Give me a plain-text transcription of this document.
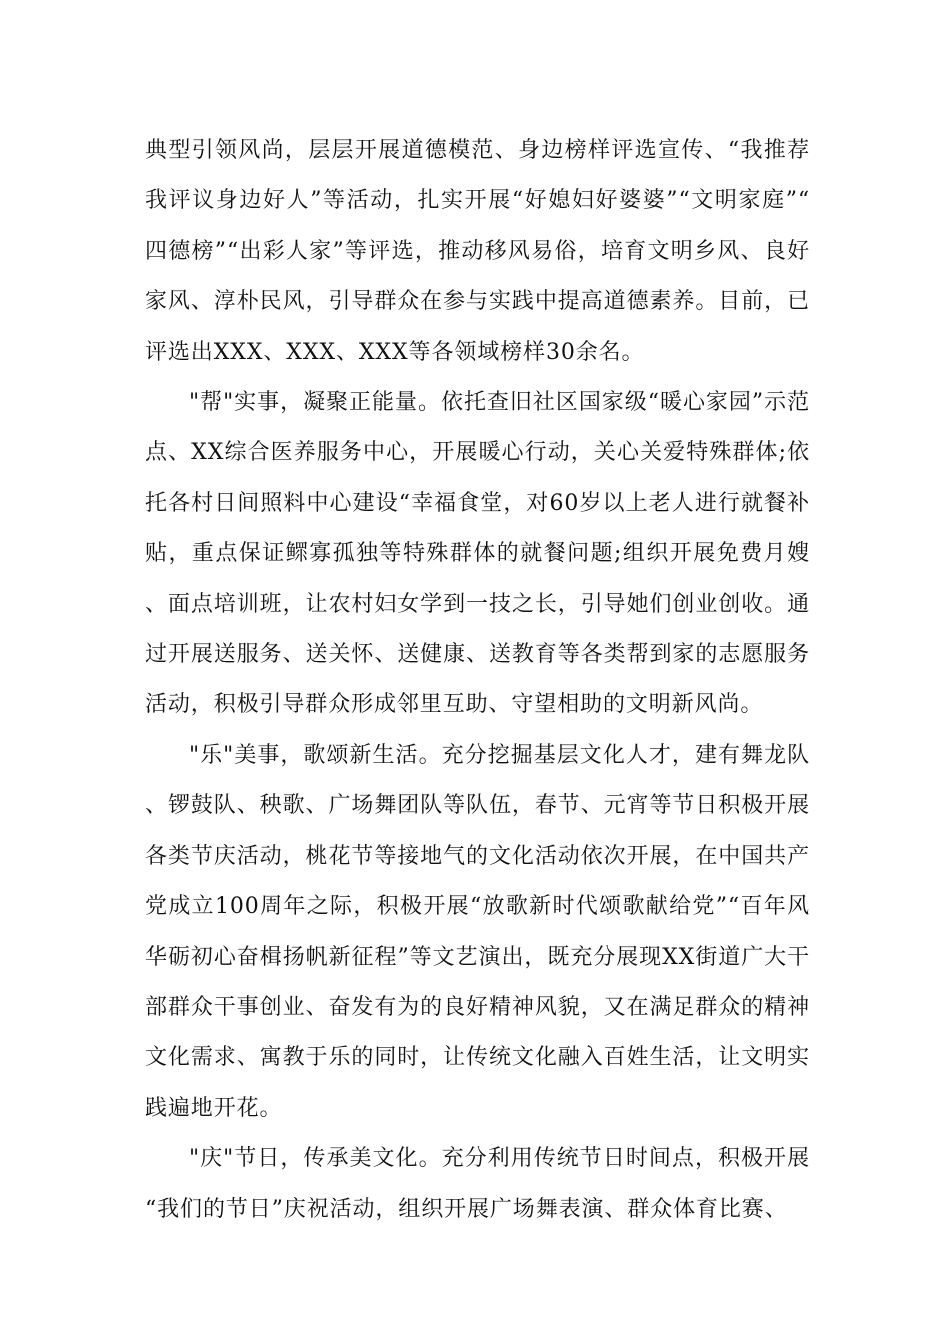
典型引领风尚，层层开展道德模范、身边榜样评选宣传、“我推荐我评议身边好人”等活动，扎实开展“好媳妇好婆婆”“文明家庭”“四德榜”“出彩人家”等评选，推动移风易俗，培育文明乡风、良好家风、淳朴民风，引导群众在参与实践中提高道德素养。目前，已评选出XXX、XXX、XXX等各领域榜样30余名。

"帮"实事，凝聚正能量。依托查旧社区国家级“暖心家园”示范点、XX综合医养服务中心，开展暖心行动，关心关爱特殊群体;依托各村日间照料中心建设“幸福食堂，对60岁以上老人进行就餐补贴，重点保证鳏寡孤独等特殊群体的就餐问题;组织开展免费月嫂、面点培训班，让农村妇女学到一技之长，引导她们创业创收。通过开展送服务、送关怀、送健康、送教育等各类帮到家的志愿服务活动，积极引导群众形成邻里互助、守望相助的文明新风尚。

"乐"美事，歌颂新生活。充分挖掘基层文化人才，建有舞龙队、锣鼓队、秧歌、广场舞团队等队伍，春节、元宵等节日积极开展各类节庆活动，桃花节等接地气的文化活动依次开展，在中国共产党成立100周年之际，积极开展“放歌新时代颂歌献给党”“百年风华砺初心奋楫扬帆新征程”等文艺演出，既充分展现XX街道广大干部群众干事创业、奋发有为的良好精神风貌，又在满足群众的精神文化需求、寓教于乐的同时，让传统文化融入百姓生活，让文明实践遍地开花。

"庆"节日，传承美文化。充分利用传统节日时间点，积极开展“我们的节日”庆祝活动，组织开展广场舞表演、群众体育比赛、
